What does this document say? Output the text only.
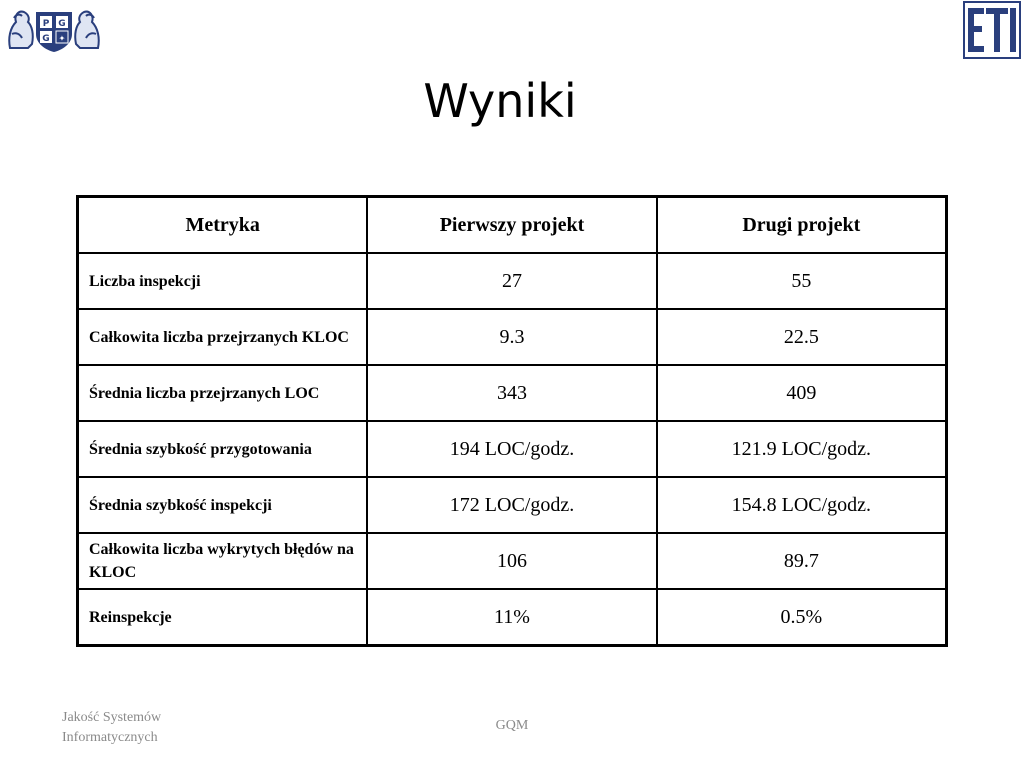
P G
G ✦
Wyniki
Metryka	Pierwszy projekt	Drugi projekt
Liczba inspekcji	27	55
Całkowita liczba przejrzanych KLOC	9.3	22.5
Średnia liczba przejrzanych LOC	343	409
Średnia szybkość przygotowania	194 LOC/godz.	121.9 LOC/godz.
Średnia szybkość inspekcji	172 LOC/godz.	154.8 LOC/godz.
Całkowita liczba wykrytych błędów na KLOC	106	89.7
Reinspekcje	11%	0.5%
Jakość Systemów Informatycznych
GQM
